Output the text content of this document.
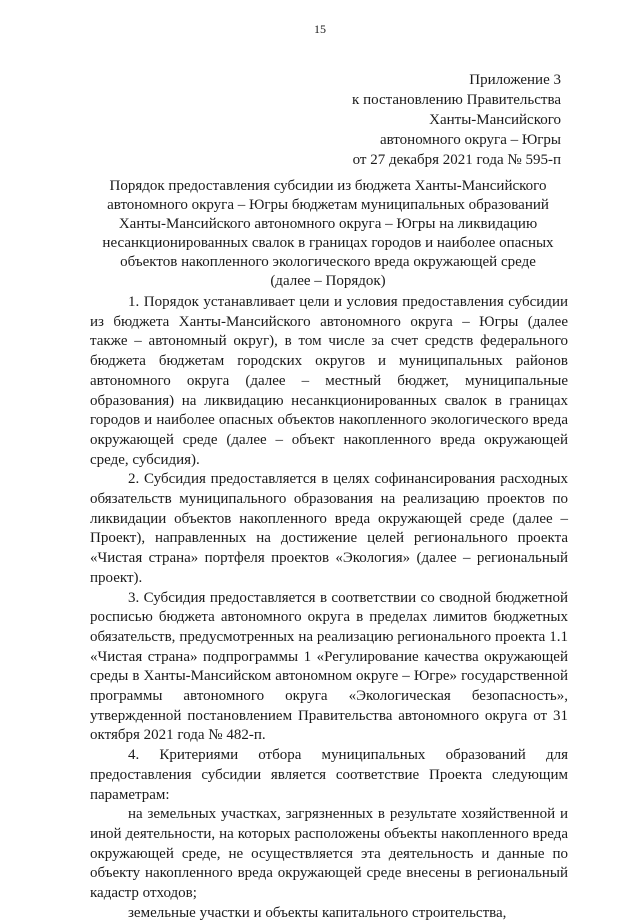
15
Приложение 3
к постановлению Правительства
Ханты-Мансийского
автономного округа – Югры
от 27 декабря 2021 года № 595-п
Порядок предоставления субсидии из бюджета Ханты-Мансийского
автономного округа – Югры бюджетам муниципальных образований
Ханты-Мансийского автономного округа – Югры на ликвидацию
несанкционированных свалок в границах городов и наиболее опасных
объектов накопленного экологического вреда окружающей среде
(далее – Порядок)

1. Порядок устанавливает цели и условия предоставления субсидии из бюджета Ханты-Мансийского автономного округа – Югры (далее также – автономный округ), в том числе за счет средств федерального бюджета бюджетам городских округов и муниципальных районов автономного округа (далее – местный бюджет, муниципальные образования) на ликвидацию несанкционированных свалок в границах городов и наиболее опасных объектов накопленного экологического вреда окружающей среде (далее – объект накопленного вреда окружающей среде, субсидия).

2. Субсидия предоставляется в целях софинансирования расходных обязательств муниципального образования на реализацию проектов по ликвидации объектов накопленного вреда окружающей среде (далее – Проект), направленных на достижение целей регионального проекта «Чистая страна» портфеля проектов «Экология» (далее – региональный проект).

3. Субсидия предоставляется в соответствии со сводной бюджетной росписью бюджета автономного округа в пределах лимитов бюджетных обязательств, предусмотренных на реализацию регионального проекта 1.1 «Чистая страна» подпрограммы 1 «Регулирование качества окружающей среды в Ханты-Мансийском автономном округе – Югре» государственной программы автономного округа «Экологическая безопасность», утвержденной постановлением Правительства автономного округа от 31 октября 2021 года № 482-п.

4. Критериями отбора муниципальных образований для предоставления субсидии является соответствие Проекта следующим параметрам:

на земельных участках, загрязненных в результате хозяйственной и иной деятельности, на которых расположены объекты накопленного вреда окружающей среде, не осуществляется эта деятельность и данные по объекту накопленного вреда окружающей среде внесены в региональный кадастр отходов;

земельные участки и объекты капитального строительства,
